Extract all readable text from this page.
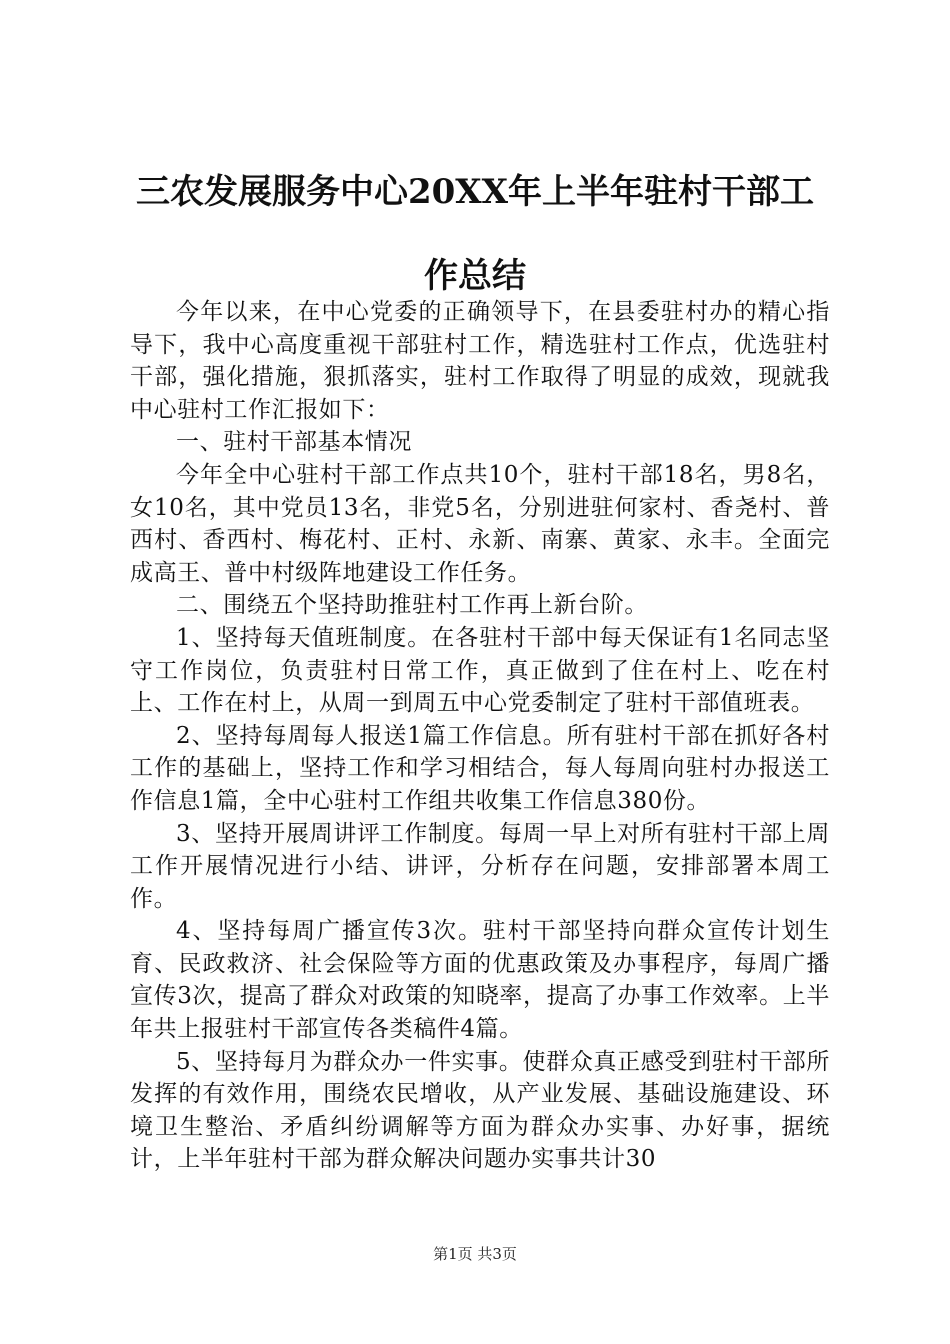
三农发展服务中心20XX年上半年驻村干部工作总结

今年以来，在中心党委的正确领导下，在县委驻村办的精心指导下，我中心高度重视干部驻村工作，精选驻村工作点，优选驻村干部，强化措施，狠抓落实，驻村工作取得了明显的成效，现就我中心驻村工作汇报如下：

一、驻村干部基本情况

今年全中心驻村干部工作点共10个，驻村干部18名，男8名，女10名，其中党员13名，非党5名，分别进驻何家村、香尧村、普西村、香西村、梅花村、正村、永新、南寨、黄家、永丰。全面完成高王、普中村级阵地建设工作任务。

二、围绕五个坚持助推驻村工作再上新台阶。

1、坚持每天值班制度。在各驻村干部中每天保证有1名同志坚守工作岗位，负责驻村日常工作，真正做到了住在村上、吃在村上、工作在村上，从周一到周五中心党委制定了驻村干部值班表。

2、坚持每周每人报送1篇工作信息。所有驻村干部在抓好各村工作的基础上，坚持工作和学习相结合，每人每周向驻村办报送工作信息1篇，全中心驻村工作组共收集工作信息380份。

3、坚持开展周讲评工作制度。每周一早上对所有驻村干部上周工作开展情况进行小结、讲评，分析存在问题，安排部署本周工作。

4、坚持每周广播宣传3次。驻村干部坚持向群众宣传计划生育、民政救济、社会保险等方面的优惠政策及办事程序，每周广播宣传3次，提高了群众对政策的知晓率，提高了办事工作效率。上半年共上报驻村干部宣传各类稿件4篇。

5、坚持每月为群众办一件实事。使群众真正感受到驻村干部所发挥的有效作用，围绕农民增收，从产业发展、基础设施建设、环境卫生整治、矛盾纠纷调解等方面为群众办实事、办好事，据统计，上半年驻村干部为群众解决问题办实事共计30

第1页 共3页
